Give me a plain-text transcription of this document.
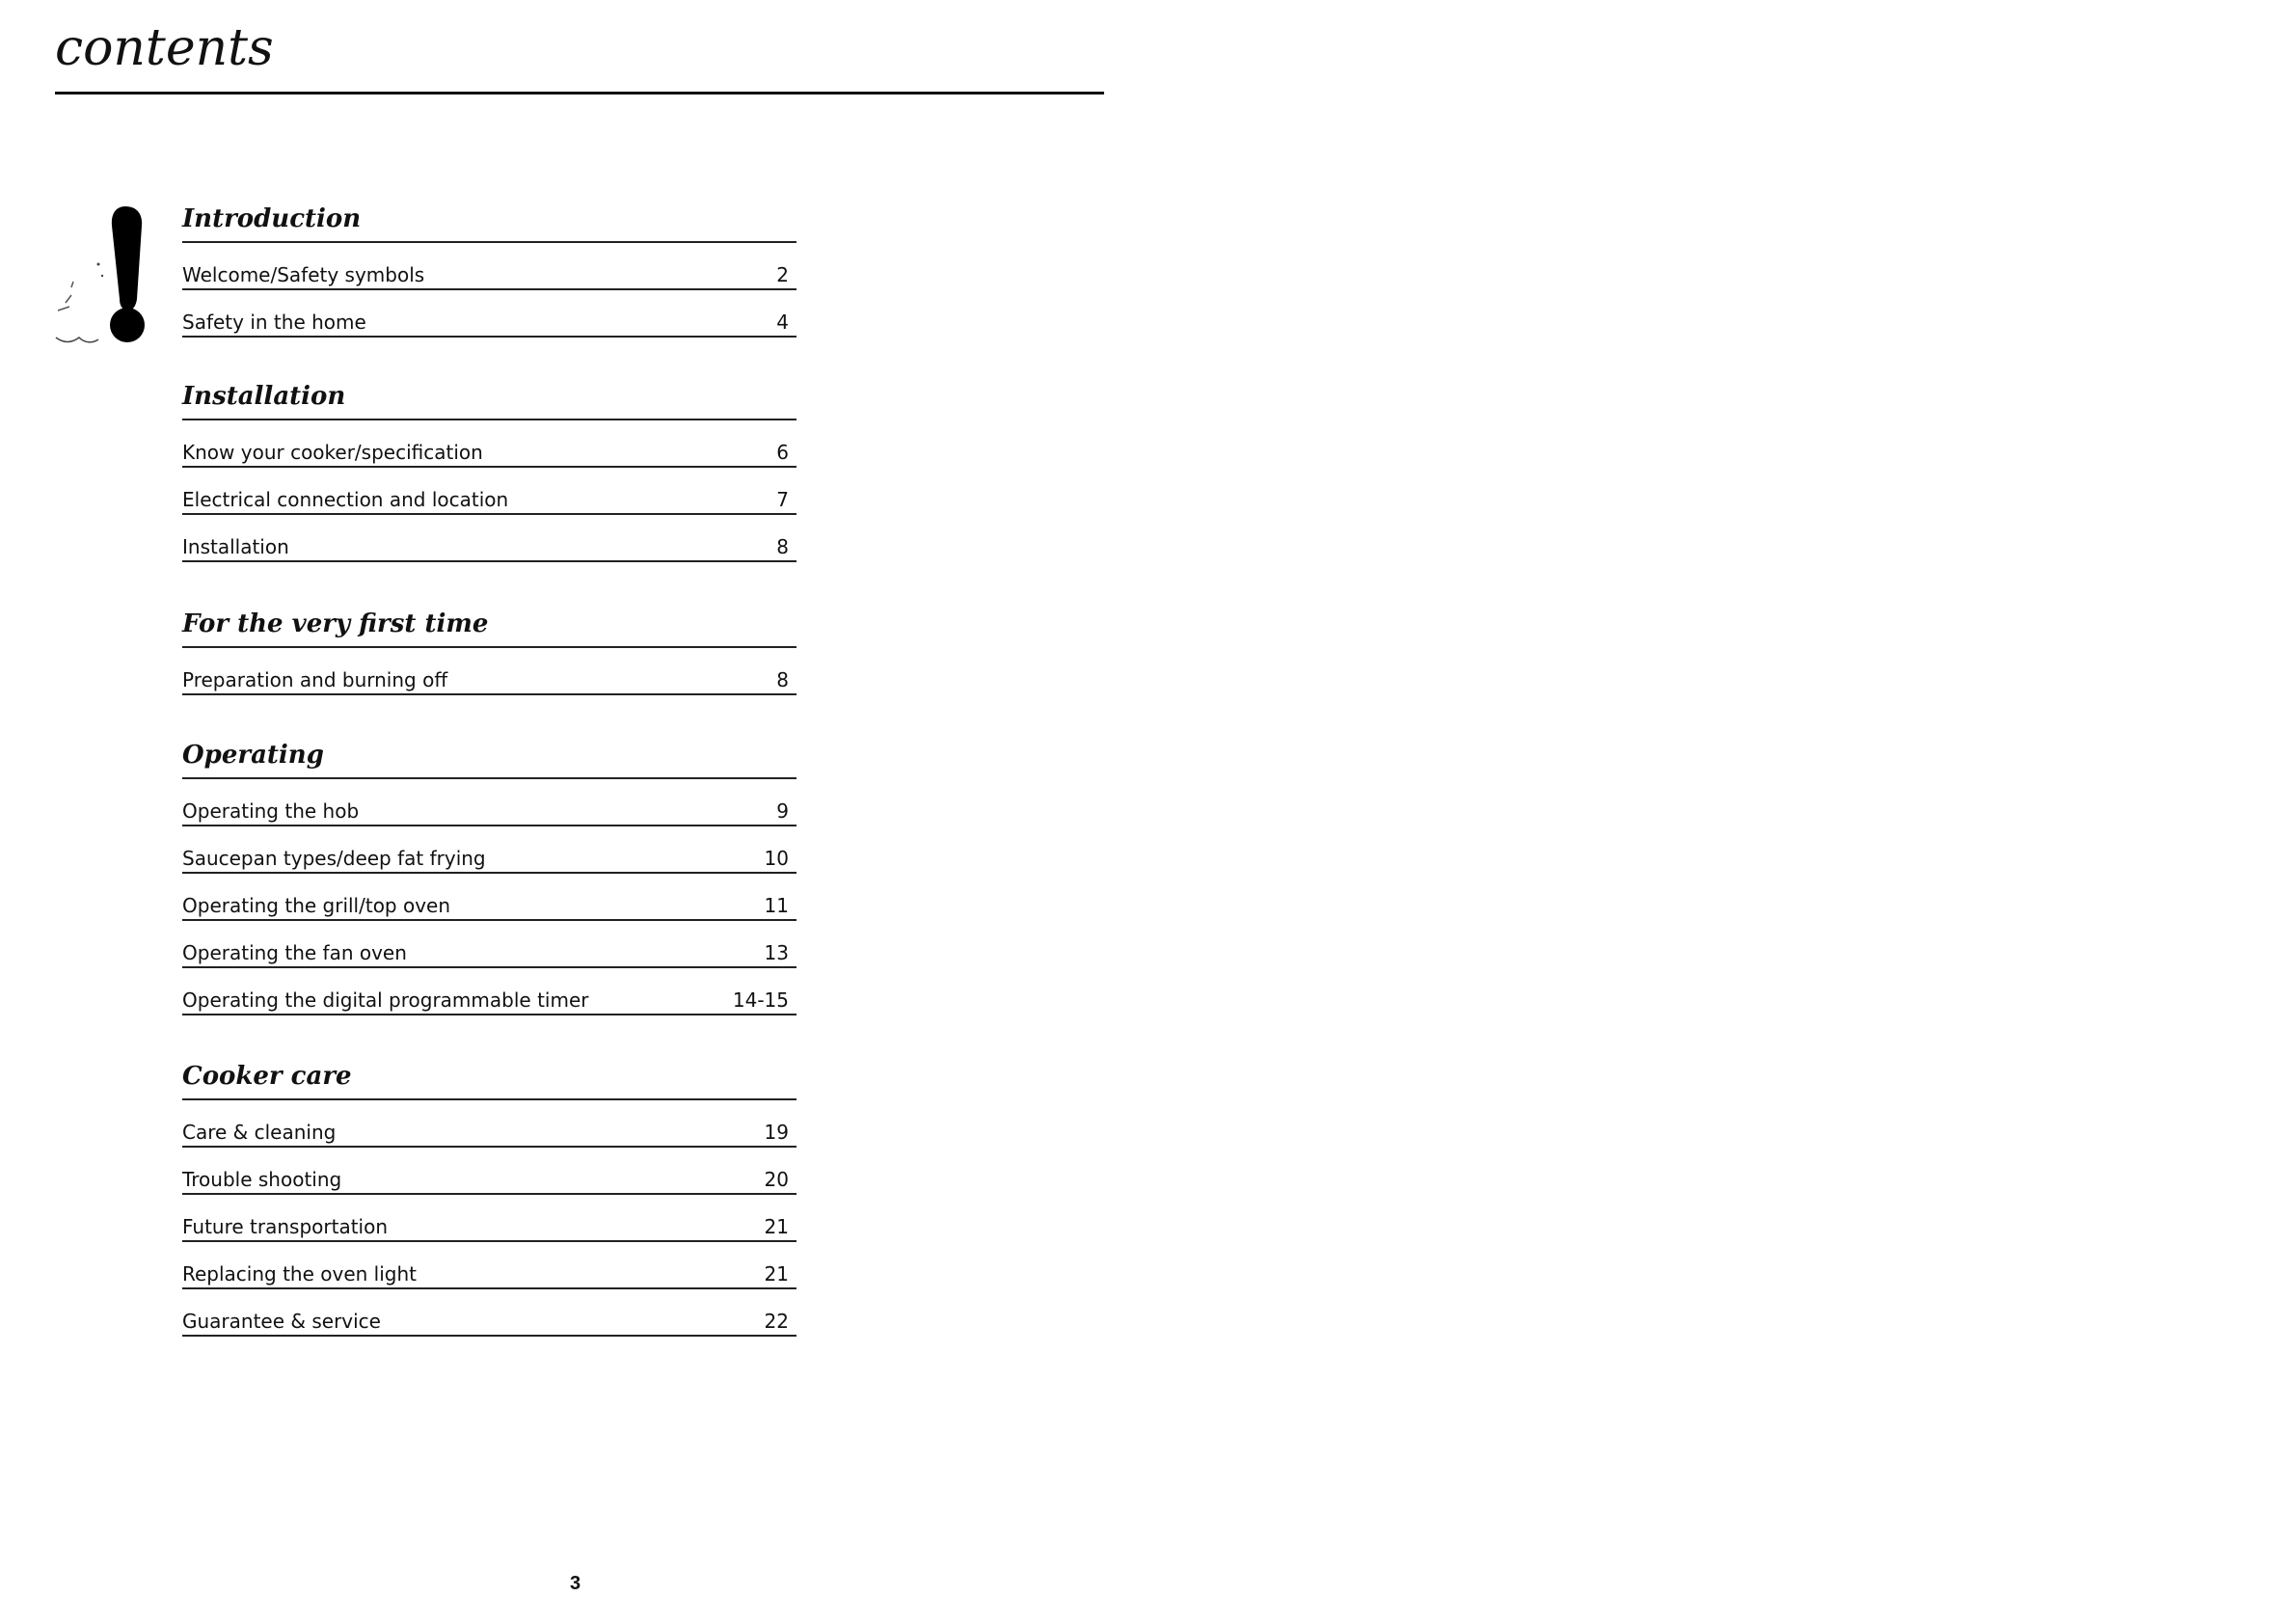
contents
Introduction
Welcome/Safety symbols	2
Safety in the home	4
Installation
Know your cooker/specification	6
Electrical connection and location	7
Installation	8
For the very first time
Preparation and burning off	8
Operating
Operating the hob	9
Saucepan types/deep fat frying	10
Operating the grill/top oven	11
Operating the fan oven	13
Operating the digital programmable timer	14-15
Cooker care
Care & cleaning	19
Trouble shooting	20
Future transportation	21
Replacing the oven light	21
Guarantee & service	22
3
